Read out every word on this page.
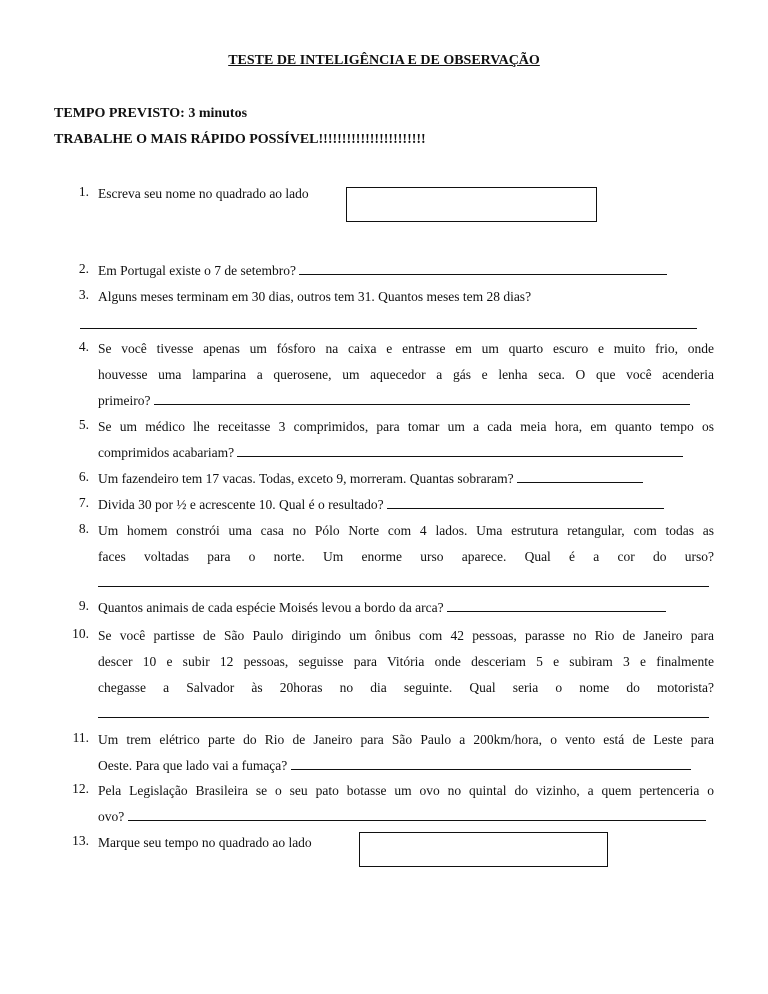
TESTE DE INTELIGÊNCIA E DE OBSERVAÇÃO
TEMPO PREVISTO: 3 minutos
TRABALHE O MAIS RÁPIDO POSSÍVEL!!!!!!!!!!!!!!!!!!!!!!!
1. Escreva seu nome no quadrado ao lado
2. Em Portugal existe o 7 de setembro?
3. Alguns meses terminam em 30 dias, outros tem 31. Quantos meses tem 28 dias?
4. Se você tivesse apenas um fósforo na caixa e entrasse em um quarto escuro e muito frio, onde
houvesse uma lamparina a querosene, um aquecedor a gás e lenha seca. O que você acenderia
primeiro?
5. Se um médico lhe receitasse 3 comprimidos, para tomar um a cada meia hora, em quanto tempo os
comprimidos acabariam?
6. Um fazendeiro tem 17 vacas. Todas, exceto 9, morreram. Quantas sobraram?
7. Divida 30 por ½ e acrescente 10. Qual é o resultado?
8. Um homem constrói uma casa no Pólo Norte com 4 lados. Uma estrutura retangular, com todas as
faces voltadas para o norte. Um enorme urso aparece. Qual é a cor do urso?
9. Quantos animais de cada espécie Moisés levou a bordo da arca?
10. Se você partisse de São Paulo dirigindo um ônibus com 42 pessoas, parasse no Rio de Janeiro para
descer 10 e subir 12 pessoas, seguisse para Vitória onde desceriam 5 e subiram 3 e finalmente
chegasse a Salvador às 20horas no dia seguinte. Qual seria o nome do motorista?
11. Um trem elétrico parte do Rio de Janeiro para São Paulo a 200km/hora, o vento está de Leste para
Oeste. Para que lado vai a fumaça?
12. Pela Legislação Brasileira se o seu pato botasse um ovo no quintal do vizinho, a quem pertenceria o
ovo?
13. Marque seu tempo no quadrado ao lado
